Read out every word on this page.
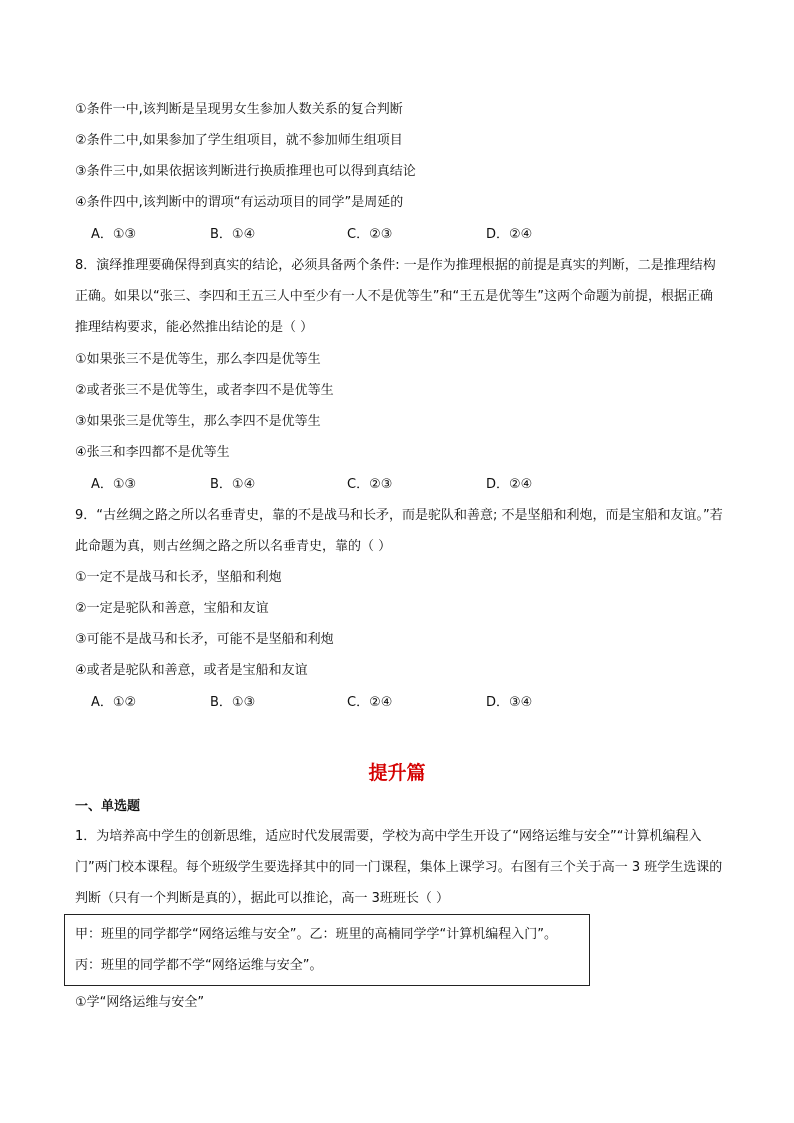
①条件一中,该判断是呈现男女生参加人数关系的复合判断
②条件二中,如果参加了学生组项目，就不参加师生组项目
③条件三中,如果依据该判断进行换质推理也可以得到真结论
④条件四中,该判断中的谓项“有运动项目的同学”是周延的
A．①③	B．①④	C．②③	D．②④
8．演绎推理要确保得到真实的结论，必须具备两个条件: 一是作为推理根据的前提是真实的判断，二是推理结构正确。如果以“张三、李四和王五三人中至少有一人不是优等生”和“王五是优等生”这两个命题为前提，根据正确推理结构要求，能必然推出结论的是（ ）
①如果张三不是优等生，那么李四是优等生
②或者张三不是优等生，或者李四不是优等生
③如果张三是优等生，那么李四不是优等生
④张三和李四都不是优等生
A．①③	B．①④	C．②③	D．②④
9．“古丝绸之路之所以名垂青史，靠的不是战马和长矛，而是驼队和善意; 不是坚船和利炮，而是宝船和友谊。”若此命题为真，则古丝绸之路之所以名垂青史，靠的（ ）
①一定不是战马和长矛，坚船和利炮
②一定是驼队和善意，宝船和友谊
③可能不是战马和长矛，可能不是坚船和利炮
④或者是驼队和善意，或者是宝船和友谊
A．①②	B．①③	C．②④	D．③④
提升篇
一、单选题
1．为培养高中学生的创新思维，适应时代发展需要，学校为高中学生开设了“网络运维与安全”“计算机编程入门”两门校本课程。每个班级学生要选择其中的同一门课程，集体上课学习。右图有三个关于高一 3 班学生选课的判断（只有一个判断是真的），据此可以推论，高一 3班班长（ ）
甲：班里的同学都学“网络运维与安全”。乙：班里的高楠同学学“计算机编程入门”。
丙：班里的同学都不学“网络运维与安全”。
①学“网络运维与安全”
